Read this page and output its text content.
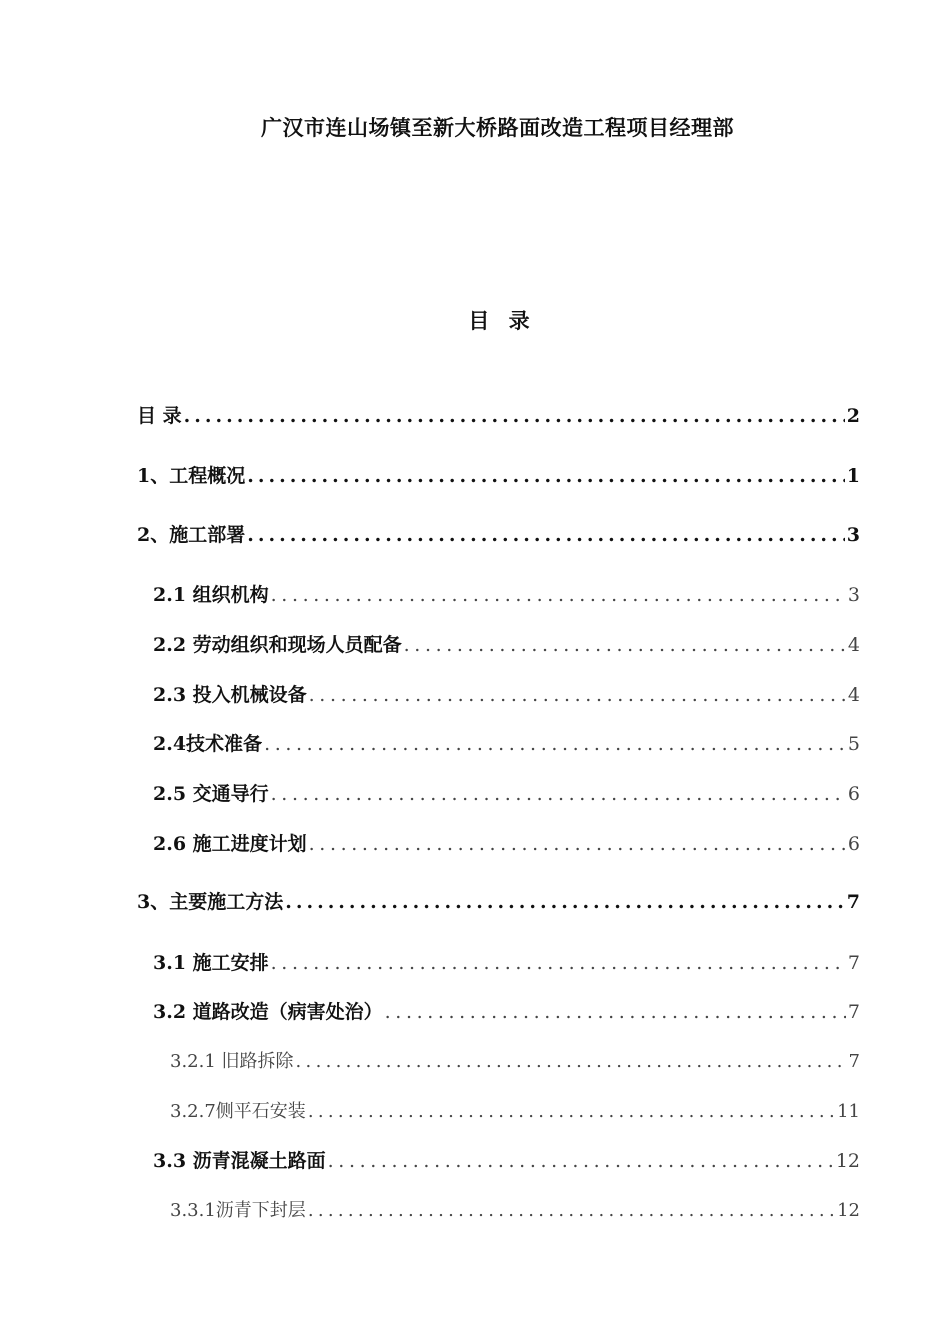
广汉市连山场镇至新大桥路面改造工程项目经理部
目 录
目 录 .....	2
1、工程概况 .....	1
2、施工部署 .....	3
2.1 组织机构 .....	3
2.2 劳动组织和现场人员配备 .....	4
2.3 投入机械设备 .....	4
2.4技术准备 .....	5
2.5 交通导行 .....	6
2.6 施工进度计划 .....	6
3、主要施工方法 .....	7
3.1 施工安排 .....	7
3.2 道路改造（病害处治） .....	7
3.2.1 旧路拆除 .....	7
3.2.7侧平石安装 .....	11
3.3 沥青混凝土路面 .....	12
3.3.1沥青下封层 .....	12
